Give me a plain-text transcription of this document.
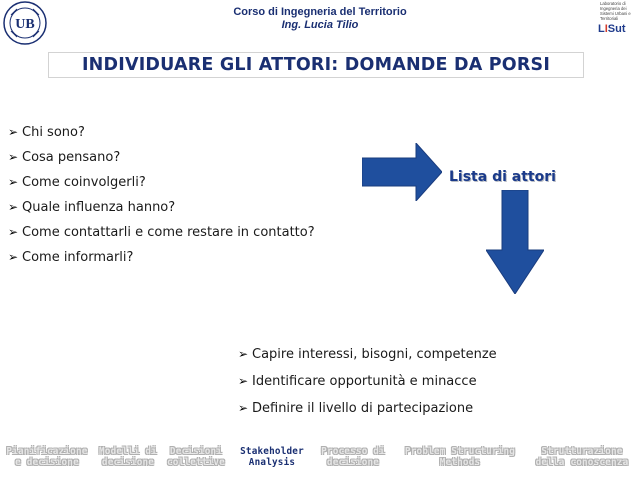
UB
Corso di Ingegneria del Territorio
Ing. Lucia Tilio
Laboratorio di Ingegneria dei Sistemi Urbani e Territoriali
LISut
INDIVIDUARE GLI ATTORI: DOMANDE DA PORSI
➢ Chi sono?
➢ Cosa pensano?
➢ Come coinvolgerli?
➢ Quale influenza hanno?
➢ Come contattarli e come restare in contatto?
➢ Come informarli?
Lista di attori
➢ Capire interessi, bisogni, competenze
➢ Identificare opportunità e minacce
➢ Definire il livello di partecipazione
Pianificazione
e decisione
Modelli di
decisione
Decisioni
collettive
Stakeholder
Analysis
Processo di
decisione
Problem Structuring
Methods
Strutturazione
della conoscenza
